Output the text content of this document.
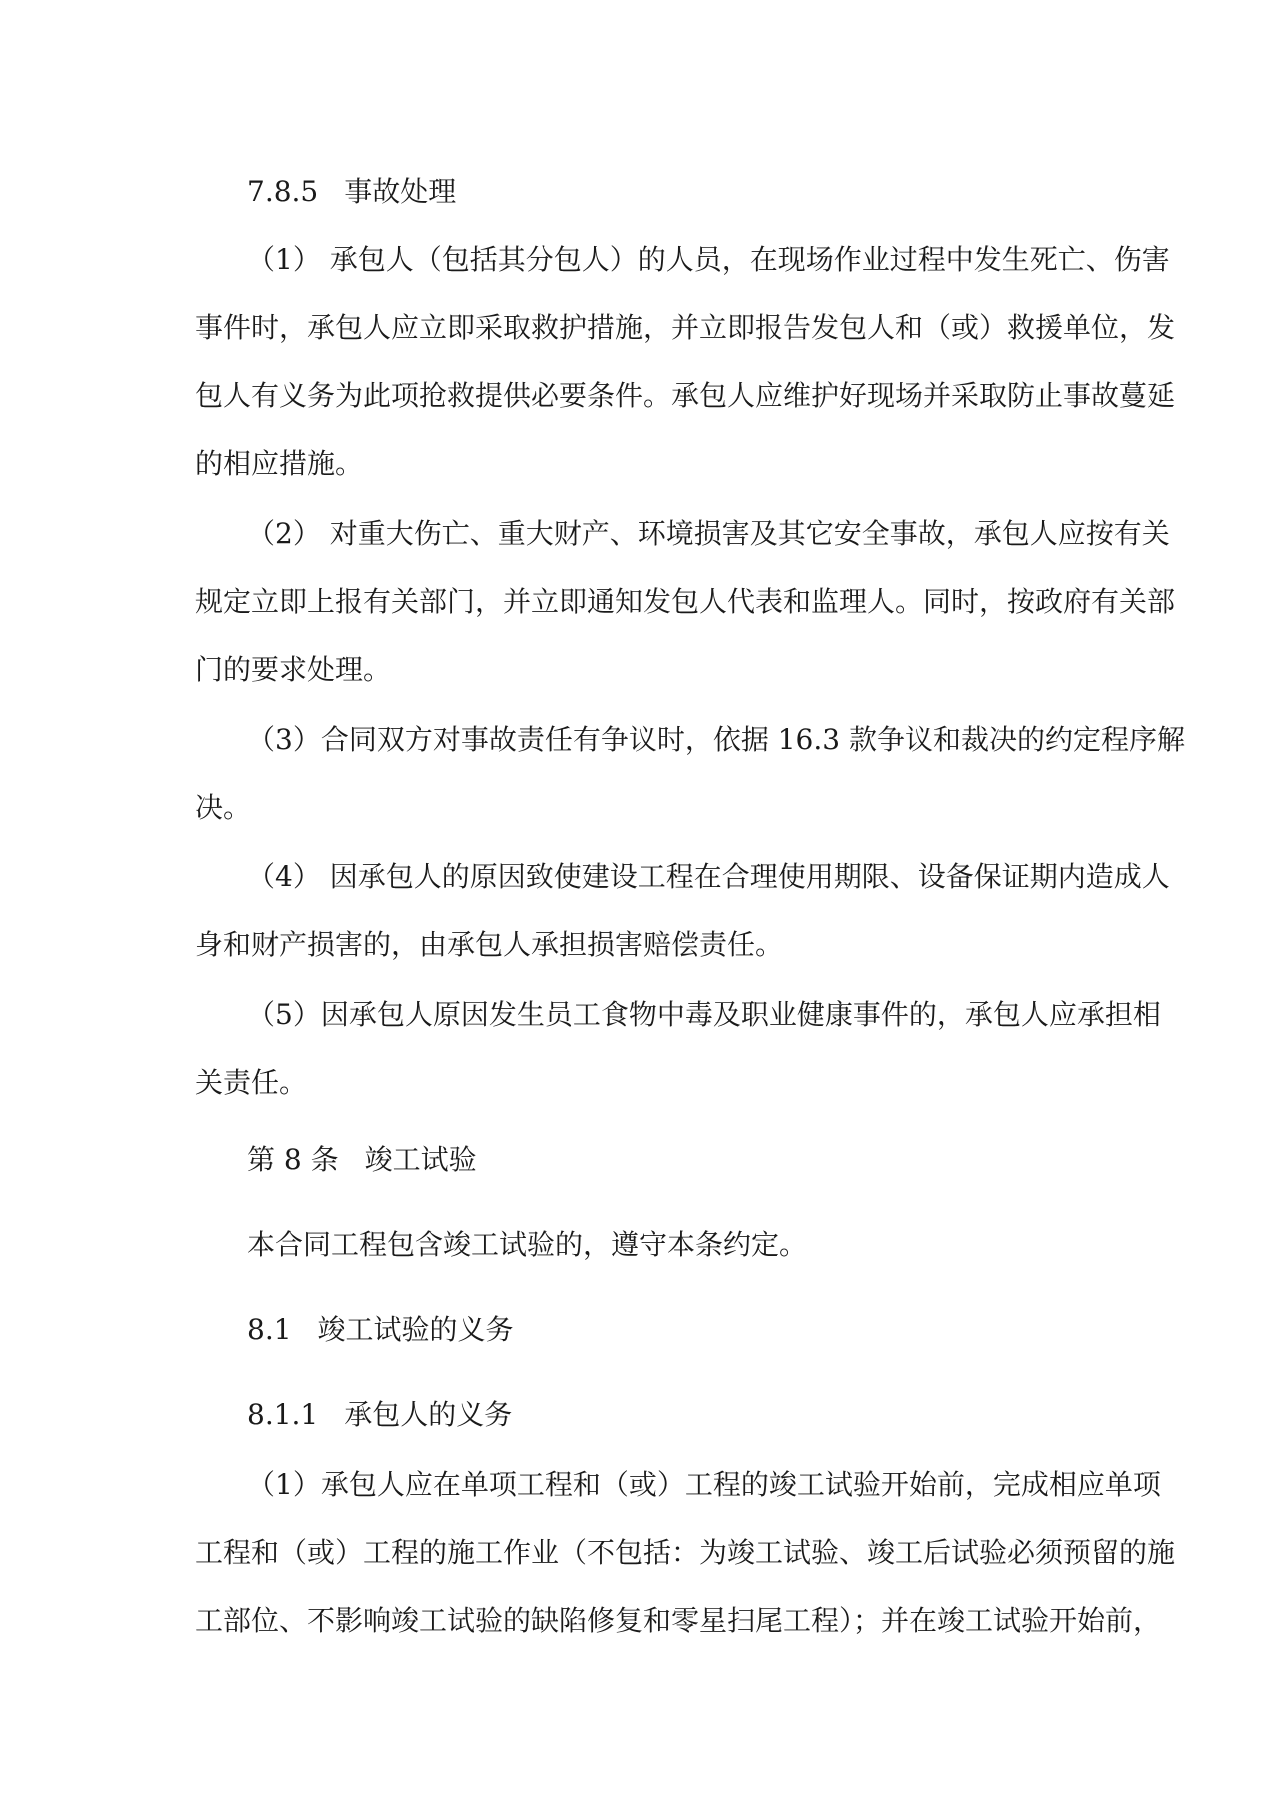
7.8.5 事故处理
（1） 承包人（包括其分包人）的人员，在现场作业过程中发生死亡、伤害
事件时，承包人应立即采取救护措施，并立即报告发包人和（或）救援单位，发
包人有义务为此项抢救提供必要条件。承包人应维护好现场并采取防止事故蔓延
的相应措施。
（2） 对重大伤亡、重大财产、环境损害及其它安全事故，承包人应按有关
规定立即上报有关部门，并立即通知发包人代表和监理人。同时，按政府有关部
门的要求处理。
（3）合同双方对事故责任有争议时，依据 16.3 款争议和裁决的约定程序解
决。
（4） 因承包人的原因致使建设工程在合理使用期限、设备保证期内造成人
身和财产损害的，由承包人承担损害赔偿责任。
（5）因承包人原因发生员工食物中毒及职业健康事件的，承包人应承担相
关责任。
第 8 条 竣工试验
本合同工程包含竣工试验的，遵守本条约定。
8.1 竣工试验的义务
8.1.1 承包人的义务
（1）承包人应在单项工程和（或）工程的竣工试验开始前，完成相应单项
工程和（或）工程的施工作业（不包括：为竣工试验、竣工后试验必须预留的施
工部位、不影响竣工试验的缺陷修复和零星扫尾工程）；并在竣工试验开始前，
